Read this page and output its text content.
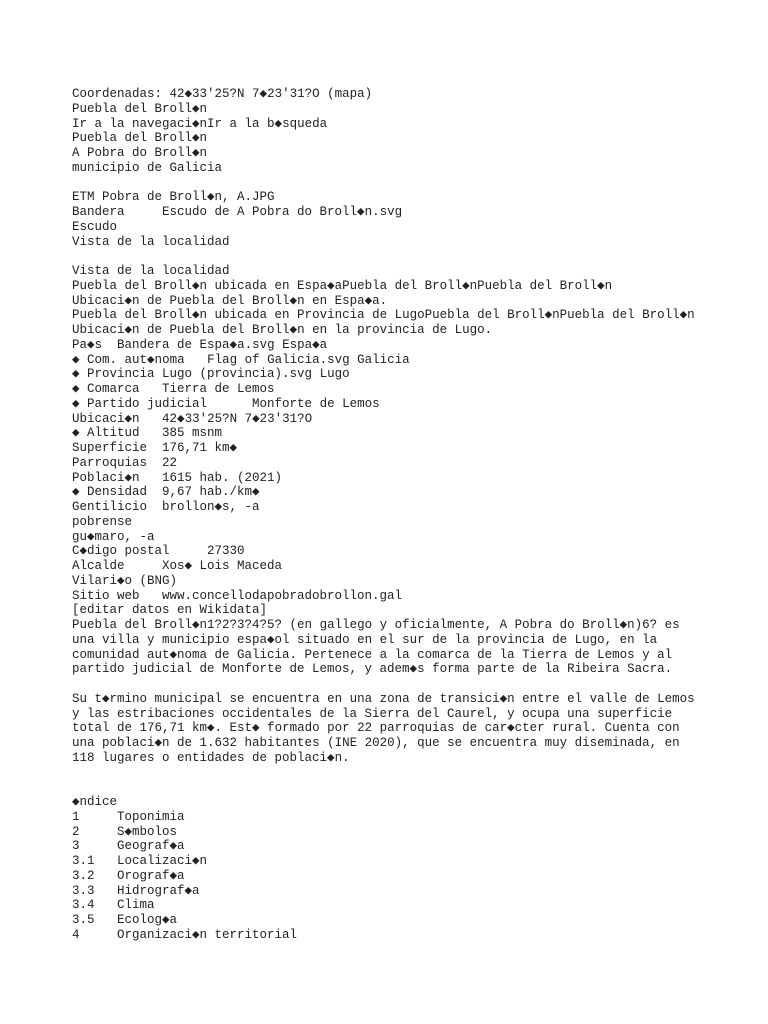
Coordenadas: 42◆33'25?N 7◆23'31?O (mapa)
Puebla del Broll◆n
Ir a la navegaci◆nIr a la b◆squeda
Puebla del Broll◆n
A Pobra do Broll◆n
municipio de Galicia
ETM Pobra de Broll◆n, A.JPG
Bandera     Escudo de A Pobra do Broll◆n.svg
Escudo
Vista de la localidad
Vista de la localidad
Puebla del Broll◆n ubicada en Espa◆aPuebla del Broll◆nPuebla del Broll◆n
Ubicaci◆n de Puebla del Broll◆n en Espa◆a.
Puebla del Broll◆n ubicada en Provincia de LugoPuebla del Broll◆nPuebla del Broll◆n
Ubicaci◆n de Puebla del Broll◆n en la provincia de Lugo.
Pa◆s  Bandera de Espa◆a.svg Espa◆a
◆ Com. aut◆noma   Flag of Galicia.svg Galicia
◆ Provincia Lugo (provincia).svg Lugo
◆ Comarca   Tierra de Lemos
◆ Partido judicial      Monforte de Lemos
Ubicaci◆n   42◆33'25?N 7◆23'31?O
◆ Altitud   385 msnm
Superficie  176,71 km◆
Parroquias  22
Poblaci◆n   1615 hab. (2021)
◆ Densidad  9,67 hab./km◆
Gentilicio  brollon◆s, -a
pobrense
gu◆maro, -a
C◆digo postal     27330
Alcalde     Xos◆ Lois Maceda
Vilari◆o (BNG)
Sitio web   www.concellodapobradobrollon.gal
[editar datos en Wikidata]
Puebla del Broll◆n1?2?3?4?5? (en gallego y oficialmente, A Pobra do Broll◆n)6? es
una villa y municipio espa◆ol situado en el sur de la provincia de Lugo, en la
comunidad aut◆noma de Galicia. Pertenece a la comarca de la Tierra de Lemos y al
partido judicial de Monforte de Lemos, y adem◆s forma parte de la Ribeira Sacra.
Su t◆rmino municipal se encuentra en una zona de transici◆n entre el valle de Lemos
y las estribaciones occidentales de la Sierra del Caurel, y ocupa una superficie
total de 176,71 km◆. Est◆ formado por 22 parroquias de car◆cter rural. Cuenta con
una poblaci◆n de 1.632 habitantes (INE 2020), que se encuentra muy diseminada, en
118 lugares o entidades de poblaci◆n.
◆ndice
1     Toponimia
2     S◆mbolos
3     Geograf◆a
3.1   Localizaci◆n
3.2   Orograf◆a
3.3   Hidrograf◆a
3.4   Clima
3.5   Ecolog◆a
4     Organizaci◆n territorial
